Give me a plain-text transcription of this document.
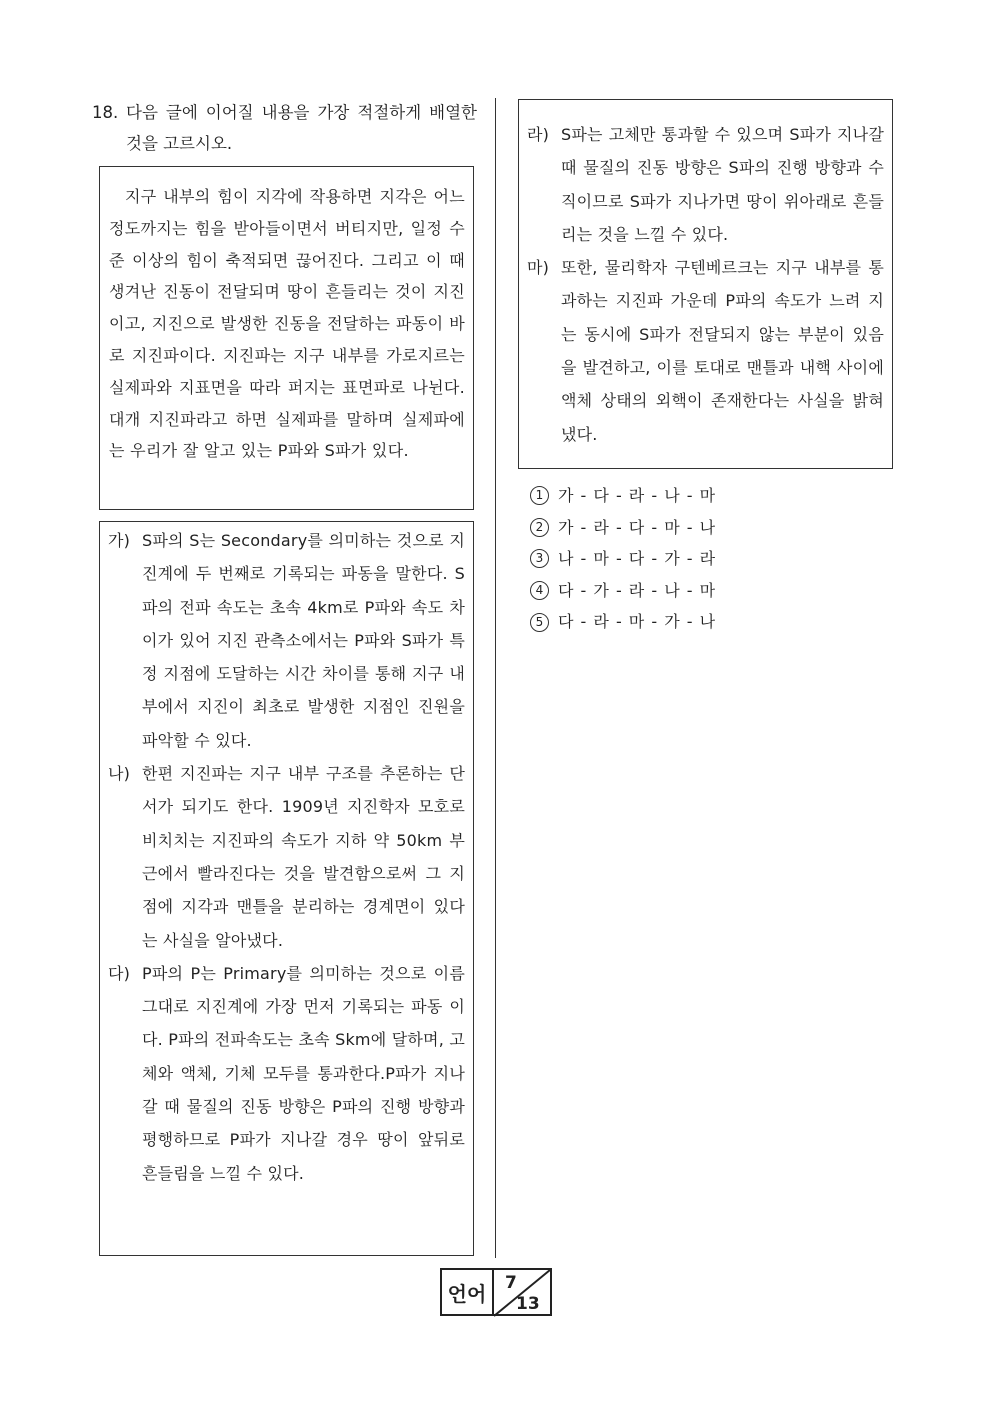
18. 다음 글에 이어질 내용을 가장 적절하게 배열한 것을 고르시오.

지구 내부의 힘이 지각에 작용하면 지각은 어느 정도까지는 힘을 받아들이면서 버티지만, 일정 수준 이상의 힘이 축적되면 끊어진다. 그리고 이 때 생겨난 진동이 전달되며 땅이 흔들리는 것이 지진이고, 지진으로 발생한 진동을 전달하는 파동이 바로 지진파이다. 지진파는 지구 내부를 가로지르는 실제파와 지표면을 따라 퍼지는 표면파로 나뉜다. 대개 지진파라고 하면 실제파를 말하며 실제파에는 우리가 잘 알고 있는 P파와 S파가 있다.

가) S파의 S는 Secondary를 의미하는 것으로 지진계에 두 번째로 기록되는 파동을 말한다. S파의 전파 속도는 초속 4km로 P파와 속도 차이가 있어 지진 관측소에서는 P파와 S파가 특정 지점에 도달하는 시간 차이를 통해 지구 내부에서 지진이 최초로 발생한 지점인 진원을 파악할 수 있다.
나) 한편 지진파는 지구 내부 구조를 추론하는 단서가 되기도 한다. 1909년 지진학자 모호로비치치는 지진파의 속도가 지하 약 50km 부근에서 빨라진다는 것을 발견함으로써 그 지점에 지각과 맨틀을 분리하는 경계면이 있다는 사실을 알아냈다.
다) P파의 P는 Primary를 의미하는 것으로 이름 그대로 지진계에 가장 먼저 기록되는 파동 이다. P파의 전파속도는 초속 Skm에 달하며, 고체와 액체, 기체 모두를 통과한다.P파가 지나갈 때 물질의 진동 방향은 P파의 진행 방향과 평행하므로 P파가 지나갈 경우 땅이 앞뒤로 흔들림을 느낄 수 있다.
라) S파는 고체만 통과할 수 있으며 S파가 지나갈 때 물질의 진동 방향은 S파의 진행 방향과 수직이므로 S파가 지나가면 땅이 위아래로 흔들리는 것을 느낄 수 있다.
마) 또한, 물리학자 구텐베르크는 지구 내부를 통과하는 지진파 가운데 P파의 속도가 느려 지는 동시에 S파가 전달되지 않는 부분이 있음을 발견하고, 이를 토대로 맨틀과 내핵 사이에 액체 상태의 외핵이 존재한다는 사실을 밝혀냈다.
1 가 - 다 - 라 - 나 - 마
2 가 - 라 - 다 - 마 - 나
3 나 - 마 - 다 - 가 - 라
4 다 - 가 - 라 - 나 - 마
5 다 - 라 - 마 - 가 - 나
언어	7
13
